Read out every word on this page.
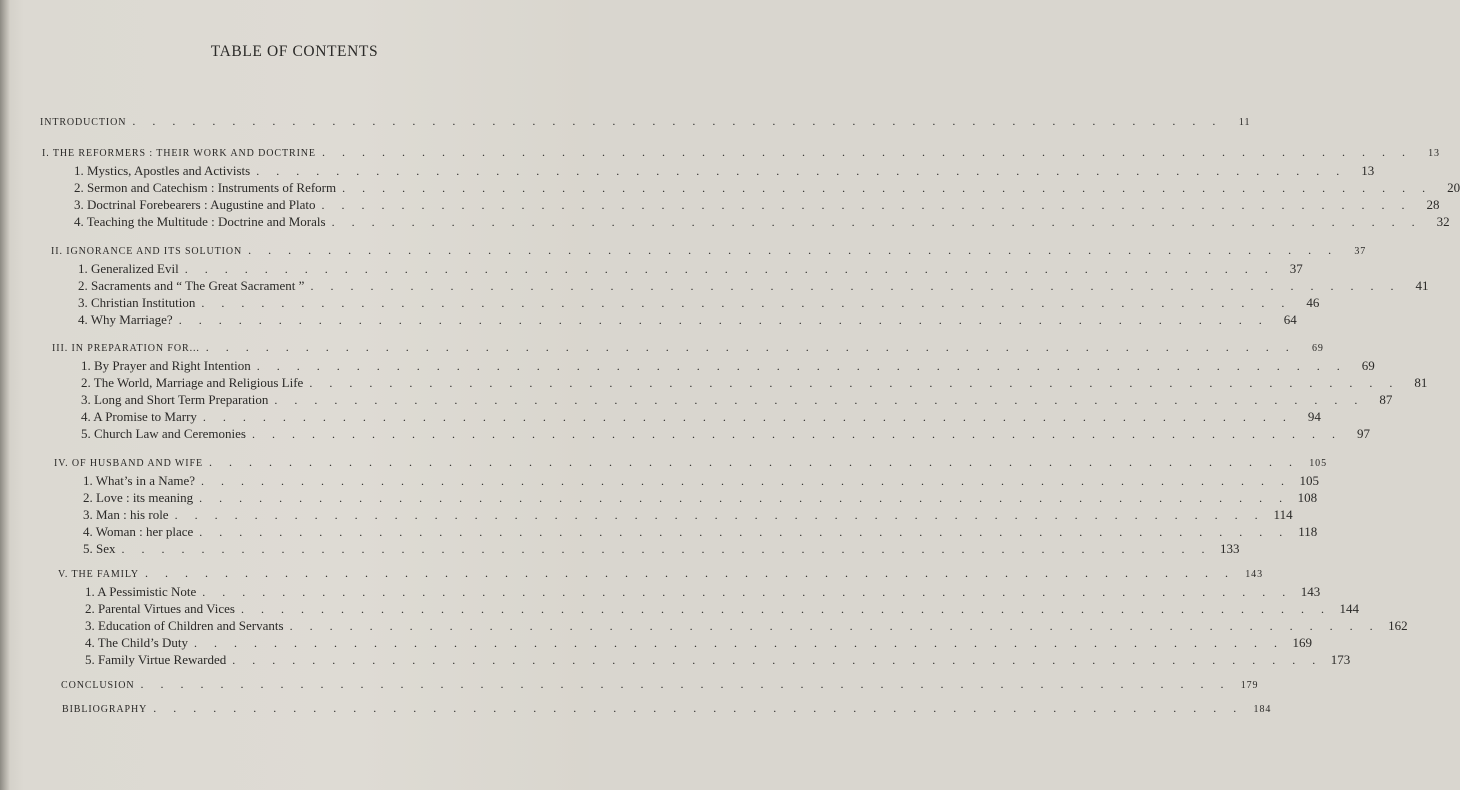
TABLE OF CONTENTS
INTRODUCTION . . . . . . . . . . . . . . . . . . . . . . . . . . . . . . . . . . . . . . . . . . . . . . . . . . . . . . .	11
I. THE REFORMERS : THEIR WORK AND DOCTRINE . . . . . . . . . . . . . . . . . . . . . . . . . . . . . . . . . . . . . . . . . . . . . . . . . . . . . . .	13
1. Mystics, Apostles and Activists . . . . . . . . . . . . . . . . . . . . . . . . . . . . . . . . . . . . . . . . . . . . . . . . . . . . . . .	13
2. Sermon and Catechism : Instruments of Reform . . . . . . . . . . . . . . . . . . . . . . . . . . . . . . . . . . . . . . . . . . . . . . . . . . . . . . .	20
3. Doctrinal Forebearers : Augustine and Plato . . . . . . . . . . . . . . . . . . . . . . . . . . . . . . . . . . . . . . . . . . . . . . . . . . . . . . .	28
4. Teaching the Multitude : Doctrine and Morals . . . . . . . . . . . . . . . . . . . . . . . . . . . . . . . . . . . . . . . . . . . . . . . . . . . . . . .	32
II. IGNORANCE AND ITS SOLUTION . . . . . . . . . . . . . . . . . . . . . . . . . . . . . . . . . . . . . . . . . . . . . . . . . . . . . . .	37
1. Generalized Evil . . . . . . . . . . . . . . . . . . . . . . . . . . . . . . . . . . . . . . . . . . . . . . . . . . . . . . .	37
2. Sacraments and “ The Great Sacrament ” . . . . . . . . . . . . . . . . . . . . . . . . . . . . . . . . . . . . . . . . . . . . . . . . . . . . . . .	41
3. Christian Institution . . . . . . . . . . . . . . . . . . . . . . . . . . . . . . . . . . . . . . . . . . . . . . . . . . . . . . .	46
4. Why Marriage? . . . . . . . . . . . . . . . . . . . . . . . . . . . . . . . . . . . . . . . . . . . . . . . . . . . . . . .	64
III. IN PREPARATION FOR... . . . . . . . . . . . . . . . . . . . . . . . . . . . . . . . . . . . . . . . . . . . . . . . . . . . . . . .	69
1. By Prayer and Right Intention . . . . . . . . . . . . . . . . . . . . . . . . . . . . . . . . . . . . . . . . . . . . . . . . . . . . . . .	69
2. The World, Marriage and Religious Life . . . . . . . . . . . . . . . . . . . . . . . . . . . . . . . . . . . . . . . . . . . . . . . . . . . . . . .	81
3. Long and Short Term Preparation . . . . . . . . . . . . . . . . . . . . . . . . . . . . . . . . . . . . . . . . . . . . . . . . . . . . . . .	87
4. A Promise to Marry . . . . . . . . . . . . . . . . . . . . . . . . . . . . . . . . . . . . . . . . . . . . . . . . . . . . . . .	94
5. Church Law and Ceremonies . . . . . . . . . . . . . . . . . . . . . . . . . . . . . . . . . . . . . . . . . . . . . . . . . . . . . . .	97
IV. OF HUSBAND AND WIFE . . . . . . . . . . . . . . . . . . . . . . . . . . . . . . . . . . . . . . . . . . . . . . . . . . . . . . .	105
1. What’s in a Name? . . . . . . . . . . . . . . . . . . . . . . . . . . . . . . . . . . . . . . . . . . . . . . . . . . . . . . . 105
2. Love : its meaning . . . . . . . . . . . . . . . . . . . . . . . . . . . . . . . . . . . . . . . . . . . . . . . . . . . . . . . 108
3. Man : his role . . . . . . . . . . . . . . . . . . . . . . . . . . . . . . . . . . . . . . . . . . . . . . . . . . . . . . . 114
4. Woman : her place . . . . . . . . . . . . . . . . . . . . . . . . . . . . . . . . . . . . . . . . . . . . . . . . . . . . . . . 118
5. Sex . . . . . . . . . . . . . . . . . . . . . . . . . . . . . . . . . . . . . . . . . . . . . . . . . . . . . . . 133
V. THE FAMILY . . . . . . . . . . . . . . . . . . . . . . . . . . . . . . . . . . . . . . . . . . . . . . . . . . . . . . .	143
1. A Pessimistic Note . . . . . . . . . . . . . . . . . . . . . . . . . . . . . . . . . . . . . . . . . . . . . . . . . . . . . . . 143
2. Parental Virtues and Vices . . . . . . . . . . . . . . . . . . . . . . . . . . . . . . . . . . . . . . . . . . . . . . . . . . . . . . . 144
3. Education of Children and Servants . . . . . . . . . . . . . . . . . . . . . . . . . . . . . . . . . . . . . . . . . . . . . . . . . . . . . . . 162
4. The Child’s Duty . . . . . . . . . . . . . . . . . . . . . . . . . . . . . . . . . . . . . . . . . . . . . . . . . . . . . . . 169
5. Family Virtue Rewarded . . . . . . . . . . . . . . . . . . . . . . . . . . . . . . . . . . . . . . . . . . . . . . . . . . . . . . . 173
CONCLUSION . . . . . . . . . . . . . . . . . . . . . . . . . . . . . . . . . . . . . . . . . . . . . . . . . . . . . . .	179
BIBLIOGRAPHY . . . . . . . . . . . . . . . . . . . . . . . . . . . . . . . . . . . . . . . . . . . . . . . . . . . . . . .	184
